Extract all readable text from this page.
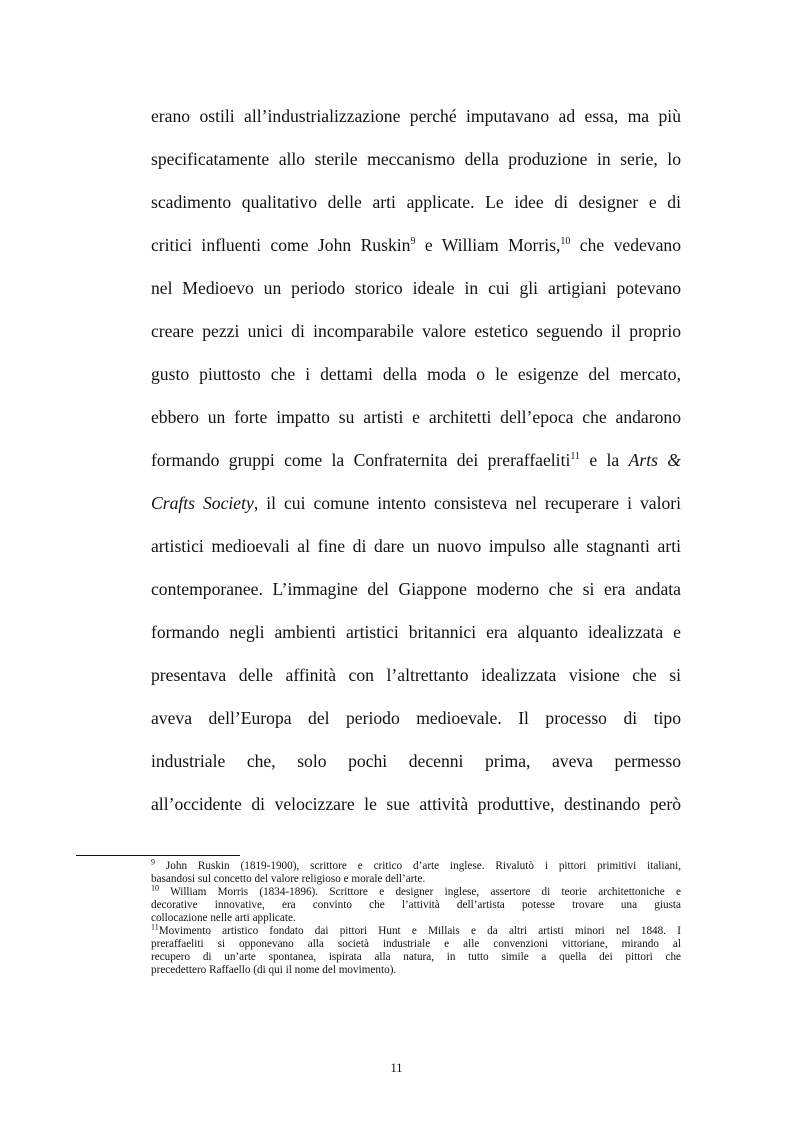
erano ostili all’industrializzazione perché imputavano ad essa, ma più
specificatamente allo sterile meccanismo della produzione in serie, lo
scadimento qualitativo delle arti applicate. Le idee di designer e di
critici influenti come John Ruskin$^9$ e William Morris,$^{10}$ che vedevano
nel Medioevo un periodo storico ideale in cui gli artigiani potevano
creare pezzi unici di incomparabile valore estetico seguendo il proprio
gusto piuttosto che i dettami della moda o le esigenze del mercato,
ebbero un forte impatto su artisti e architetti dell’epoca che andarono
formando gruppi come la Confraternita dei preraffaeliti$^{11}$ e la Arts &
Crafts Society, il cui comune intento consisteva nel recuperare i valori
artistici medioevali al fine di dare un nuovo impulso alle stagnanti arti
contemporanee. L’immagine del Giappone moderno che si era andata
formando negli ambienti artistici britannici era alquanto idealizzata e
presentava delle affinità con l’altrettanto idealizzata visione che si
aveva dell’Europa del periodo medioevale. Il processo di tipo
industriale che, solo pochi decenni prima, aveva permesso
all’occidente di velocizzare le sue attività produttive, destinando però
$^9$ John Ruskin (1819-1900), scrittore e critico d’arte inglese. Rivalutò i pittori primitivi italiani,
basandosi sul concetto del valore religioso e morale dell’arte.
$^{10}$ William Morris (1834-1896). Scrittore e designer inglese, assertore di teorie architettoniche e
decorative innovative, era convinto che l’attività dell’artista potesse trovare una giusta
collocazione nelle arti applicate.
$^{11}$Movimento artistico fondato dai pittori Hunt e Millais e da altri artisti minori nel 1848. I
preraffaeliti si opponevano alla società industriale e alle convenzioni vittoriane, mirando al
recupero di un’arte spontanea, ispirata alla natura, in tutto simile a quella dei pittori che
precedettero Raffaello (di qui il nome del movimento).
11
